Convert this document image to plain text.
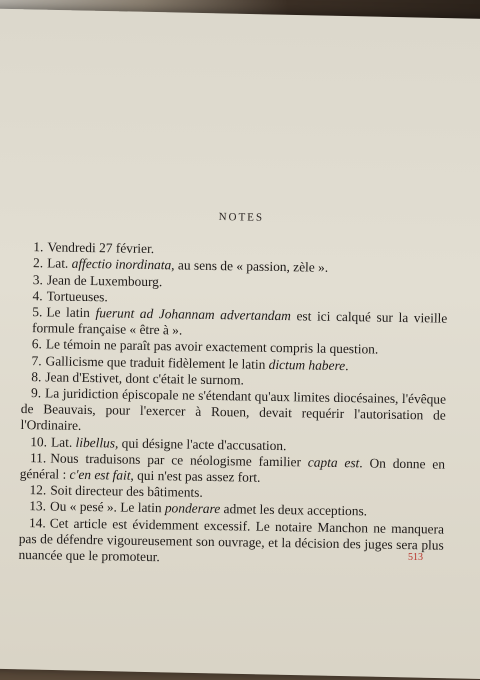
NOTES

1. Vendredi 27 février.

2. Lat. affectio inordinata, au sens de « passion, zèle ».

3. Jean de Luxembourg.

4. Tortueuses.

5. Le latin fuerunt ad Johannam advertandam est ici calqué sur la vieille formule française « être à ».

6. Le témoin ne paraît pas avoir exactement compris la question.

7. Gallicisme que traduit fidèlement le latin dictum habere.

8. Jean d'Estivet, dont c'était le surnom.

9. La juridiction épiscopale ne s'étendant qu'aux limites diocésaines, l'évêque de Beauvais, pour l'exercer à Rouen, devait requérir l'autorisation de l'Ordinaire.

10. Lat. libellus, qui désigne l'acte d'accusation.

11. Nous traduisons par ce néologisme familier capta est. On donne en général : c'en est fait, qui n'est pas assez fort.

12. Soit directeur des bâtiments.

13. Ou « pesé ». Le latin ponderare admet les deux acceptions.

14. Cet article est évidemment excessif. Le notaire Manchon ne manquera pas de défendre vigoureusement son ouvrage, et la décision des juges sera plus nuancée que le promoteur.	513
